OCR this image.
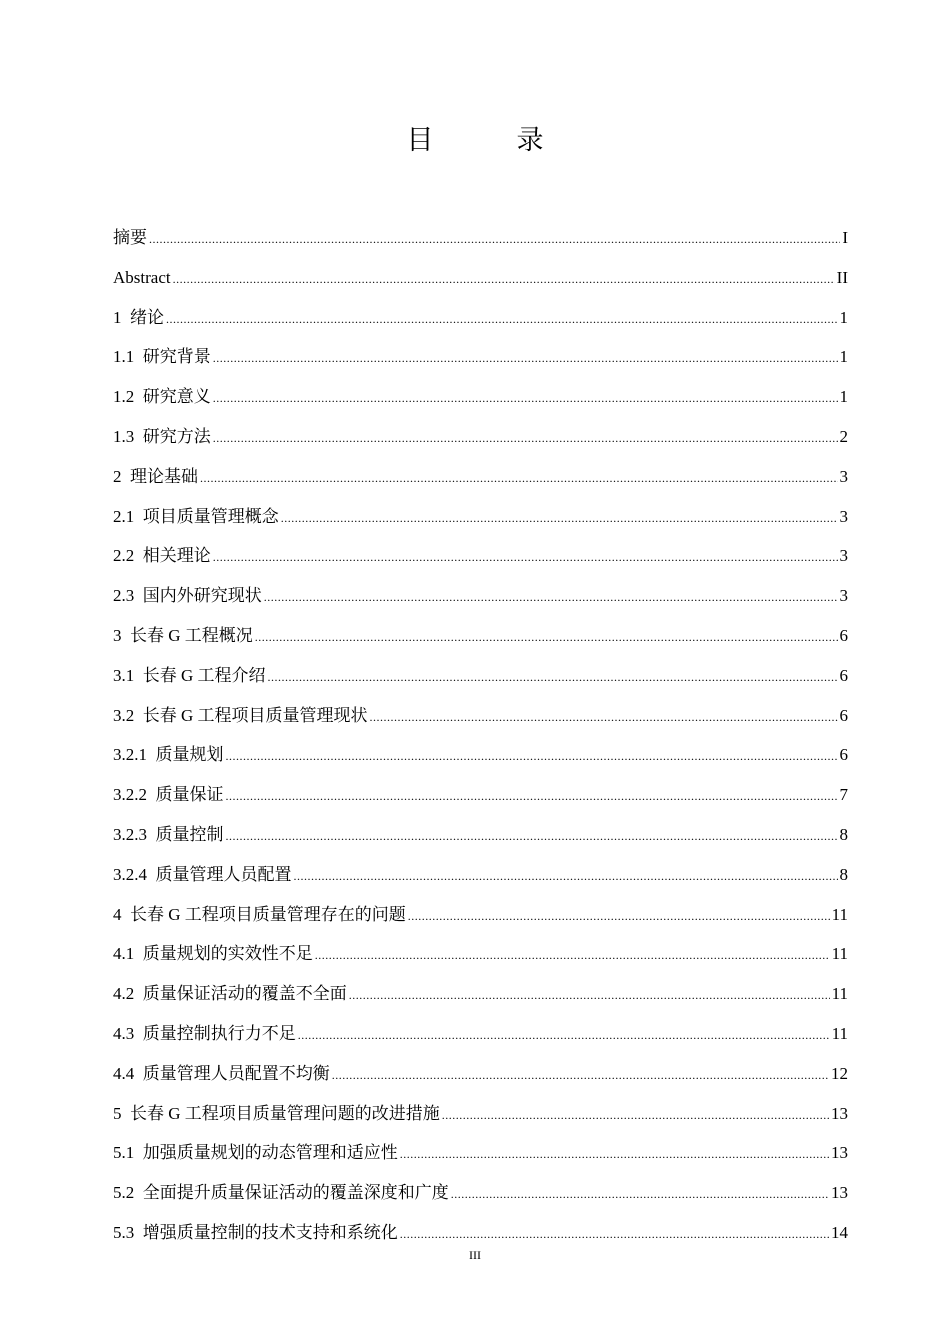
目　录
摘要 .....	I
Abstract .....	II
1 绪论 .....	1
1.1 研究背景 .....	1
1.2 研究意义 .....	1
1.3 研究方法 .....	2
2 理论基础 .....	3
2.1 项目质量管理概念 .....	3
2.2 相关理论 .....	3
2.3 国内外研究现状 .....	3
3 长春 G 工程概况 .....	6
3.1 长春 G 工程介绍 .....	6
3.2 长春 G 工程项目质量管理现状 .....	6
3.2.1 质量规划 .....	6
3.2.2 质量保证 .....	7
3.2.3 质量控制 .....	8
3.2.4 质量管理人员配置 .....	8
4 长春 G 工程项目质量管理存在的问题 .....	11
4.1 质量规划的实效性不足 .....	11
4.2 质量保证活动的覆盖不全面 .....	11
4.3 质量控制执行力不足 .....	11
4.4 质量管理人员配置不均衡 .....	12
5 长春 G 工程项目质量管理问题的改进措施 .....	13
5.1 加强质量规划的动态管理和适应性 .....	13
5.2 全面提升质量保证活动的覆盖深度和广度 .....	13
5.3 增强质量控制的技术支持和系统化 .....	14
III
